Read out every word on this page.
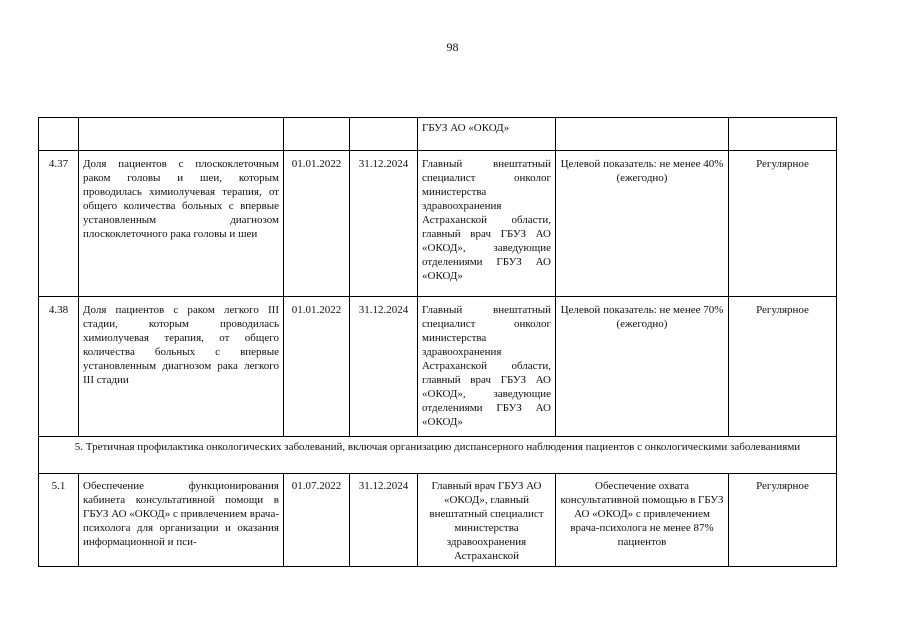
98
				ГБУЗ АО «ОКОД»		
4.37	Доля пациентов с плоскоклеточным раком головы и шеи, которым проводилась химиолучевая терапия, от общего количества больных с впервые установленным диагнозом плоскоклеточного рака головы и шеи	01.01.2022	31.12.2024	Главный внештатный специалист онколог министерства здравоохранения Астраханской области, главный врач ГБУЗ АО «ОКОД», заведующие отделениями ГБУЗ АО «ОКОД»	Целевой показатель: не менее 40% (ежегодно)	Регулярное
4.38	Доля пациентов с раком легкого III стадии, которым проводилась химиолучевая терапия, от общего количества больных с впервые установленным диагнозом рака легкого III стадии	01.01.2022	31.12.2024	Главный внештатный специалист онколог министерства здравоохранения Астраханской области, главный врач ГБУЗ АО «ОКОД», заведующие отделениями ГБУЗ АО «ОКОД»	Целевой показатель: не менее 70% (ежегодно)	Регулярное
5. Третичная профилактика онкологических заболеваний, включая организацию диспансерного наблюдения пациентов с онкологическими заболеваниями						
5.1	Обеспечение функционирования кабинета консультативной помощи в ГБУЗ АО «ОКОД» с привлечением врача-психолога для организации и оказания информационной и пси-	01.07.2022	31.12.2024	Главный врач ГБУЗ АО «ОКОД», главный внештатный специалист министерства здравоохранения Астраханской	Обеспечение охвата консультативной помощью в ГБУЗ АО «ОКОД» с привлечением врача-психолога не менее 87% пациентов	Регулярное
